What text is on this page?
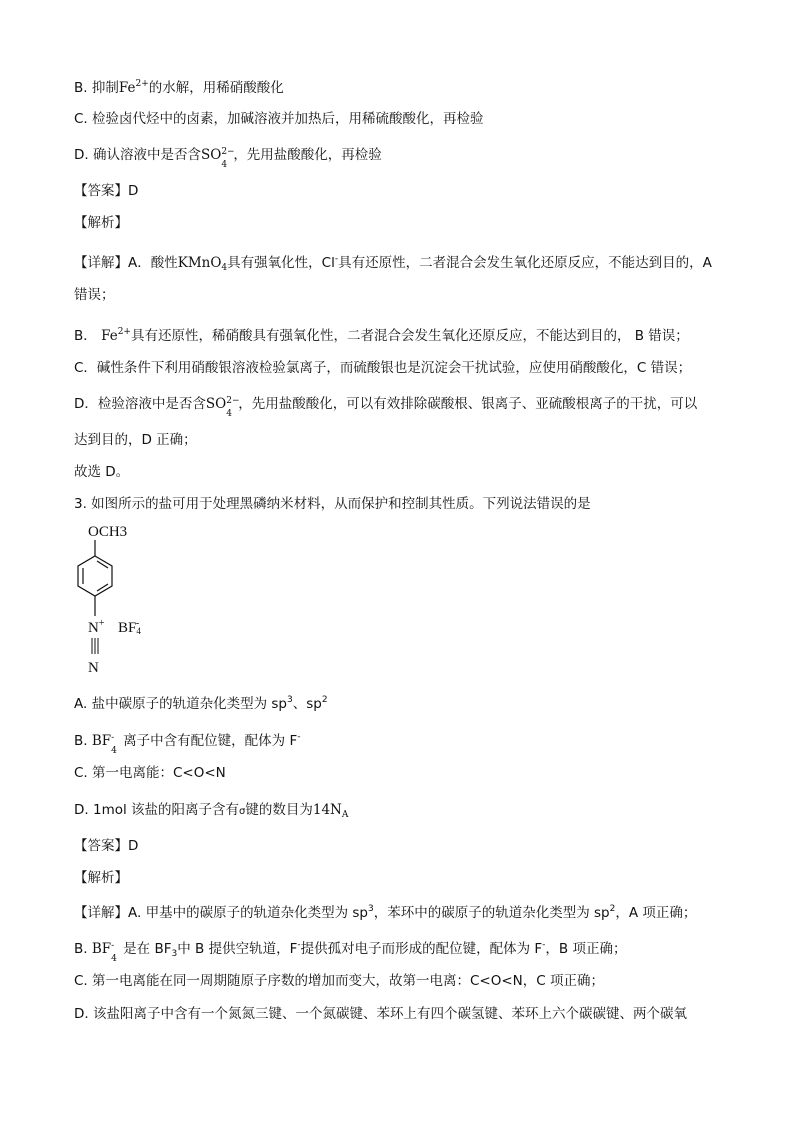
B. 抑制$Fe^{2+}$的水解，用稀硝酸酸化
C. 检验卤代烃中的卤素，加碱溶液并加热后，用稀硫酸酸化，再检验
D. 确认溶液中是否含SO 2−
4
，先用盐酸酸化，再检验
【答案】D
【解析】
【详解】A．酸性KMnO$_4$具有强氧化性，Cl-具有还原性，二者混合会发生氧化还原反应，不能达到目的，A
错误；
B． $Fe^{2+}$具有还原性，稀硝酸具有强氧化性，二者混合会发生氧化还原反应，不能达到目的， B 错误；
C．碱性条件下利用硝酸银溶液检验氯离子，而硫酸银也是沉淀会干扰试验，应使用硝酸酸化，C 错误；
D．检验溶液中是否含SO 2−
4
，先用盐酸酸化，可以有效排除碳酸根、银离子、亚硫酸根离子的干扰，可以
达到目的，D 正确；
故选 D。
3. 如图所示的盐可用于处理黑磷纳米材料，从而保护和控制其性质。下列说法错误的是
OCH3
N+ BF4-
N
A. 盐中碳原子的轨道杂化类型为 $sp^3$、$sp^2$
B. BF -
4
离子中含有配位键，配体为 F-
C. 第一电离能：C<O<N
D. 1mol 该盐的阳离子含有σ键的数目为$14N_A$
【答案】D
【解析】
【详解】A. 甲基中的碳原子的轨道杂化类型为 $sp^3$，苯环中的碳原子的轨道杂化类型为 $sp^2$，A 项正确；
B. BF -
4
是在 $BF_3$中 B 提供空轨道，F-提供孤对电子而形成的配位键，配体为 F-，B 项正确；
C. 第一电离能在同一周期随原子序数的增加而变大，故第一电离：C<O<N，C 项正确；
D. 该盐阳离子中含有一个氮氮三键、一个氮碳键、苯环上有四个碳氢键、苯环上六个碳碳键、两个碳氧
